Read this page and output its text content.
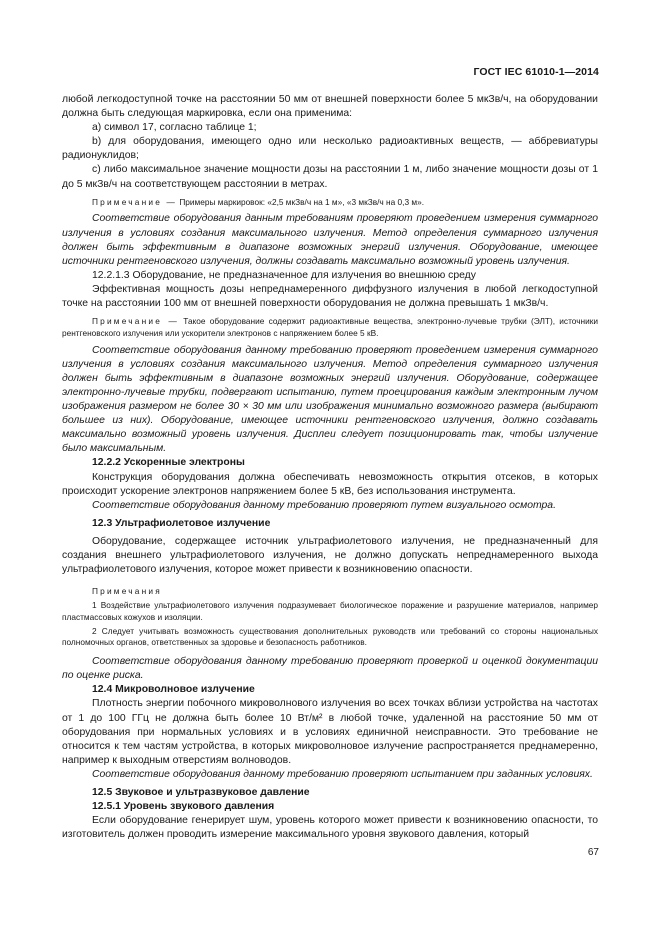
ГОСТ IEC 61010-1—2014

любой легкодоступной точке на расстоянии 50 мм от внешней поверхности более 5 мкЗв/ч, на оборудовании должна быть следующая маркировка, если она применима:

a) символ 17, согласно таблице 1;

b) для оборудования, имеющего одно или несколько радиоактивных веществ, — аббревиатуры радионуклидов;

c) либо максимальное значение мощности дозы на расстоянии 1 м, либо значение мощности дозы от 1 до 5 мкЗв/ч на соответствующем расстоянии в метрах.

Примечание — Примеры маркировок: «2,5 мкЗв/ч на 1 м», «3 мкЗв/ч на 0,3 м».

Соответствие оборудования данным требованиям проверяют проведением измерения суммарного излучения в условиях создания максимального излучения. Метод определения суммарного излучения должен быть эффективным в диапазоне возможных энергий излучения. Оборудование, имеющее источники рентгеновского излучения, должны создавать максимально возможный уровень излучения.

12.2.1.3 Оборудование, не предназначенное для излучения во внешнюю среду

Эффективная мощность дозы непреднамеренного диффузного излучения в любой легкодоступной точке на расстоянии 100 мм от внешней поверхности оборудования не должна превышать 1 мкЗв/ч.

Примечание — Такое оборудование содержит радиоактивные вещества, электронно-лучевые трубки (ЭЛТ), источники рентгеновского излучения или ускорители электронов с напряжением более 5 кВ.

Соответствие оборудования данному требованию проверяют проведением измерения суммарного излучения в условиях создания максимального излучения. Метод определения суммарного излучения должен быть эффективным в диапазоне возможных энергий излучения. Оборудование, содержащее электронно-лучевые трубки, подвергают испытанию, путем проецирования каждым электронным лучом изображения размером не более 30 × 30 мм или изображения минимально возможного размера (выбирают большее из них). Оборудование, имеющее источники рентгеновского излучения, должно создавать максимально возможный уровень излучения. Дисплеи следует позиционировать так, чтобы излучение было максимальным.

12.2.2 Ускоренные электроны

Конструкция оборудования должна обеспечивать невозможность открытия отсеков, в которых происходит ускорение электронов напряжением более 5 кВ, без использования инструмента.

Соответствие оборудования данному требованию проверяют путем визуального осмотра.

12.3 Ультрафиолетовое излучение

Оборудование, содержащее источник ультрафиолетового излучения, не предназначенный для создания внешнего ультрафиолетового излучения, не должно допускать непреднамеренного выхода ультрафиолетового излучения, которое может привести к возникновению опасности.

Примечания

1 Воздействие ультрафиолетового излучения подразумевает биологическое поражение и разрушение материалов, например пластмассовых кожухов и изоляции.

2 Следует учитывать возможность существования дополнительных руководств или требований со стороны национальных полномочных органов, ответственных за здоровье и безопасность работников.

Соответствие оборудования данному требованию проверяют проверкой и оценкой документации по оценке риска.

12.4 Микроволновое излучение

Плотность энергии побочного микроволнового излучения во всех точках вблизи устройства на частотах от 1 до 100 ГГц не должна быть более 10 Вт/м² в любой точке, удаленной на расстояние 50 мм от оборудования при нормальных условиях и в условиях единичной неисправности. Это требование не относится к тем частям устройства, в которых микроволновое излучение распространяется преднамеренно, например к выходным отверстиям волноводов.

Соответствие оборудования данному требованию проверяют испытанием при заданных условиях.

12.5 Звуковое и ультразвуковое давление

12.5.1 Уровень звукового давления

Если оборудование генерирует шум, уровень которого может привести к возникновению опасности, то изготовитель должен проводить измерение максимального уровня звукового давления, который

67
